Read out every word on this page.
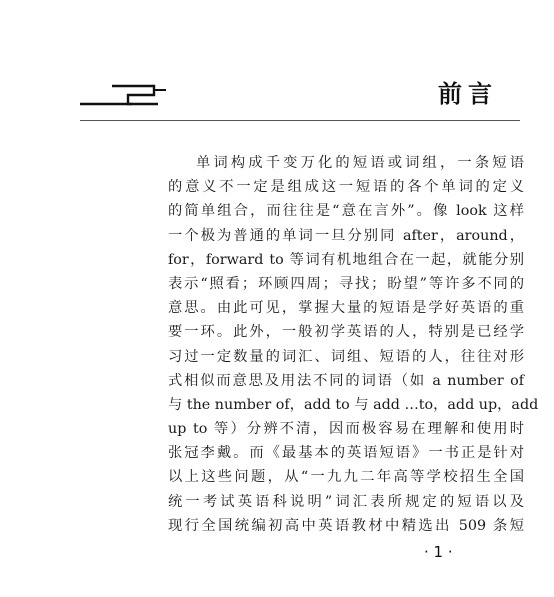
前言
单词构成千变万化的短语或词组，一条短语
的意义不一定是组成这一短语的各个单词的定义
的简单组合，而往往是“意在言外”。像 look 这样
一个极为普通的单词一旦分别同 after，around，
for，forward to 等词有机地组合在一起，就能分别
表示“照看；环顾四周；寻找；盼望”等许多不同的
意思。由此可见，掌握大量的短语是学好英语的重
要一环。此外，一般初学英语的人，特别是已经学
习过一定数量的词汇、词组、短语的人，往往对形
式相似而意思及用法不同的词语（如 a number of
与 the number of，add to 与 add …to，add up，add
up to 等）分辨不清，因而极容易在理解和使用时
张冠李戴。而《最基本的英语短语》一书正是针对
以上这些问题，从“一九九二年高等学校招生全国
统一考试英语科说明”词汇表所规定的短语以及
现行全国统编初高中英语教材中精选出 509 条短
· 1 ·
